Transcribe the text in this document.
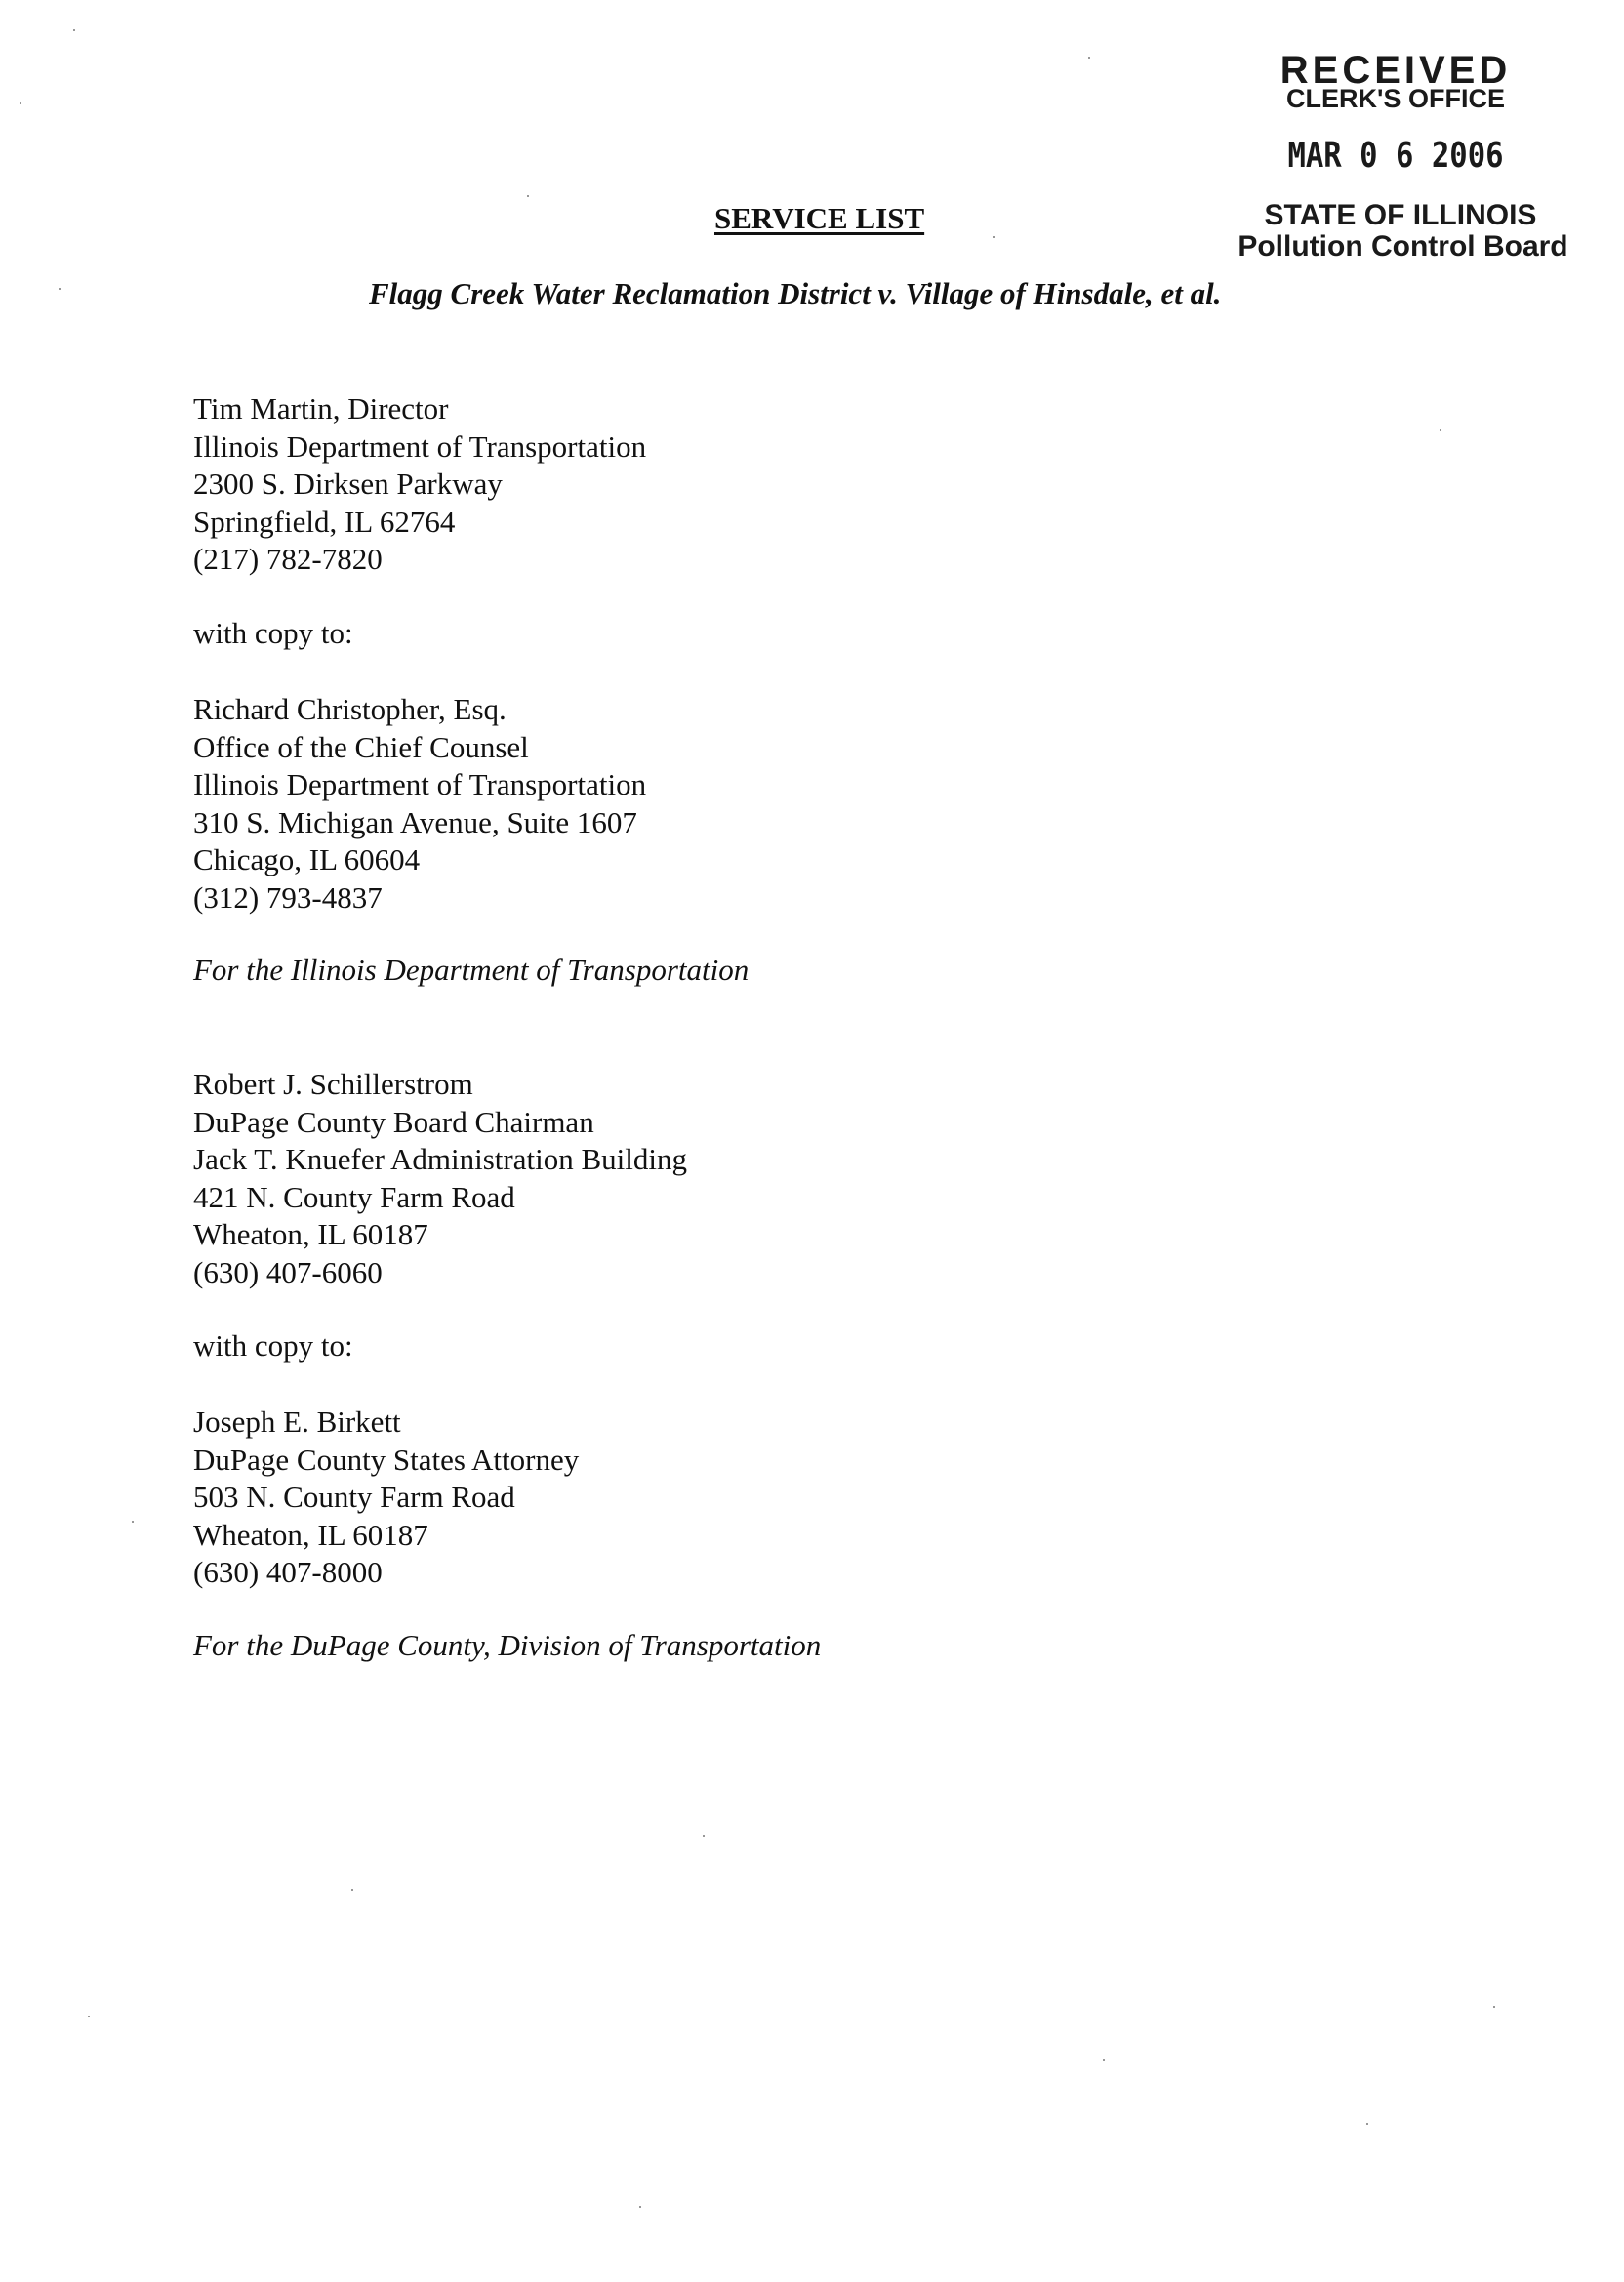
RECEIVED
CLERK'S OFFICE
MAR 0 6 2006
STATE OF ILLINOIS
Pollution Control Board
SERVICE LIST
Flagg Creek Water Reclamation District v. Village of Hinsdale, et al.
Tim Martin, Director
Illinois Department of Transportation
2300 S. Dirksen Parkway
Springfield, IL 62764
(217) 782-7820
with copy to:
Richard Christopher, Esq.
Office of the Chief Counsel
Illinois Department of Transportation
310 S. Michigan Avenue, Suite 1607
Chicago, IL 60604
(312) 793-4837
For the Illinois Department of Transportation
Robert J. Schillerstrom
DuPage County Board Chairman
Jack T. Knuefer Administration Building
421 N. County Farm Road
Wheaton, IL 60187
(630) 407-6060
with copy to:
Joseph E. Birkett
DuPage County States Attorney
503 N. County Farm Road
Wheaton, IL 60187
(630) 407-8000
For the DuPage County, Division of Transportation
